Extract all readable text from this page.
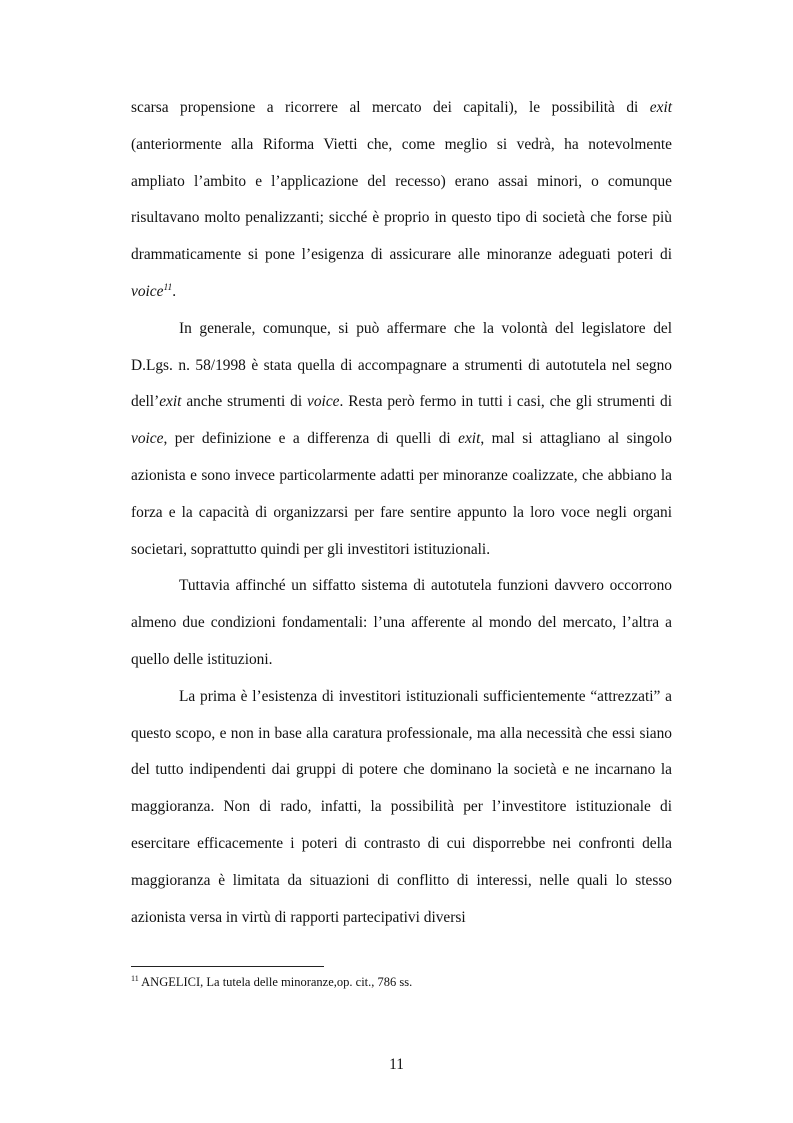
scarsa propensione a ricorrere al mercato dei capitali), le possibilità di exit (anteriormente alla Riforma Vietti che, come meglio si vedrà, ha notevolmente ampliato l’ambito e l’applicazione del recesso) erano assai minori, o comunque risultavano molto penalizzanti; sicché è proprio in questo tipo di società che forse più drammaticamente si pone l’esigenza di assicurare alle minoranze adeguati poteri di voice$^{11}$.

In generale, comunque, si può affermare che la volontà del legislatore del D.Lgs. n. 58/1998 è stata quella di accompagnare a strumenti di autotutela nel segno dell’exit anche strumenti di voice. Resta però fermo in tutti i casi, che gli strumenti di voice, per definizione e a differenza di quelli di exit, mal si attagliano al singolo azionista e sono invece particolarmente adatti per minoranze coalizzate, che abbiano la forza e la capacità di organizzarsi per fare sentire appunto la loro voce negli organi societari, soprattutto quindi per gli investitori istituzionali.

Tuttavia affinché un siffatto sistema di autotutela funzioni davvero occorrono almeno due condizioni fondamentali: l’una afferente al mondo del mercato, l’altra a quello delle istituzioni.

La prima è l’esistenza di investitori istituzionali sufficientemente “attrezzati” a questo scopo, e non in base alla caratura professionale, ma alla necessità che essi siano del tutto indipendenti dai gruppi di potere che dominano la società e ne incarnano la maggioranza. Non di rado, infatti, la possibilità per l’investitore istituzionale di esercitare efficacemente i poteri di contrasto di cui disporrebbe nei confronti della maggioranza è limitata da situazioni di conflitto di interessi, nelle quali lo stesso azionista versa in virtù di rapporti partecipativi diversi

$^{11}$ ANGELICI, La tutela delle minoranze,op. cit., 786 ss.
11
